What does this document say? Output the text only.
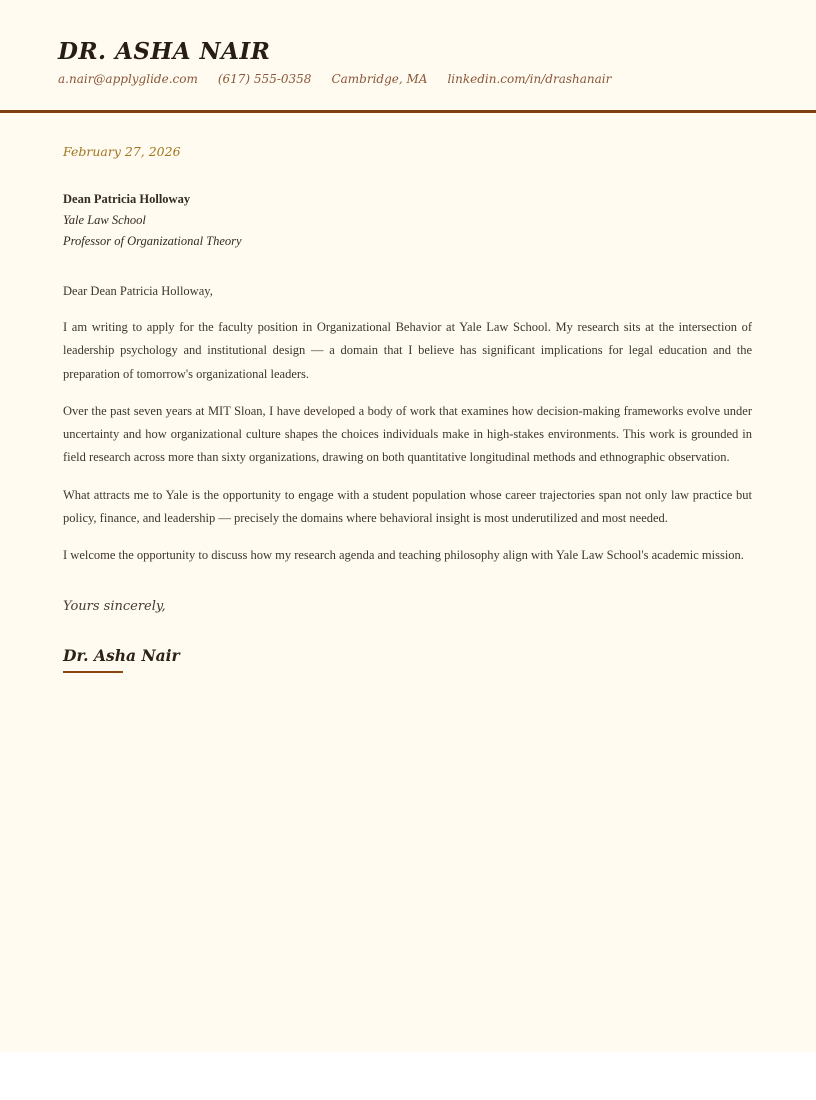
DR. ASHA NAIR
a.nair@applyglide.com (617) 555-0358 Cambridge, MA linkedin.com/in/drashanair
February 27, 2026
Dean Patricia Holloway
Yale Law School
Professor of Organizational Theory
Dear Dean Patricia Holloway,

I am writing to apply for the faculty position in Organizational Behavior at Yale Law School. My research sits at the intersection of leadership psychology and institutional design — a domain that I believe has significant implications for legal education and the preparation of tomorrow's organizational leaders.

Over the past seven years at MIT Sloan, I have developed a body of work that examines how decision-making frameworks evolve under uncertainty and how organizational culture shapes the choices individuals make in high-stakes environments. This work is grounded in field research across more than sixty organizations, drawing on both quantitative longitudinal methods and ethnographic observation.

What attracts me to Yale is the opportunity to engage with a student population whose career trajectories span not only law practice but policy, finance, and leadership — precisely the domains where behavioral insight is most underutilized and most needed.

I welcome the opportunity to discuss how my research agenda and teaching philosophy align with Yale Law School's academic mission.

Yours sincerely,
Dr. Asha Nair
